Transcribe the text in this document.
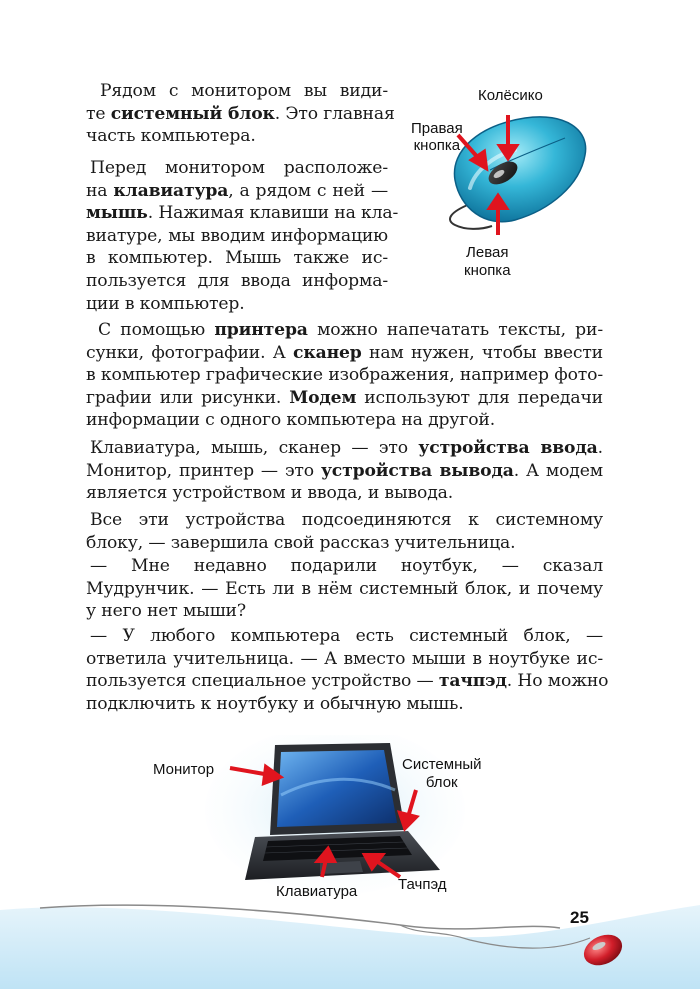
Рядом с монитором вы види-
те системный блок. Это главная
часть компьютера.
Перед монитором расположе-
на клавиатура, а рядом с ней —
мышь. Нажимая клавиши на кла-
виатуре, мы вводим информацию
в компьютер. Мышь также ис-
пользуется для ввода информа-
ции в компьютер.
С помощью принтера можно напечатать тексты, ри-
сунки, фотографии. А сканер нам нужен, чтобы ввести
в компьютер графические изображения, например фото-
графии или рисунки. Модем используют для передачи
информации с одного компьютера на другой.
Клавиатура, мышь, сканер — это устройства ввода.
Монитор, принтер — это устройства вывода. А модем
является устройством и ввода, и вывода.
Все эти устройства подсоединяются к системному
блоку, — завершила свой рассказ учительница.
— Мне недавно подарили ноутбук, — сказал
Мудрунчик. — Есть ли в нём системный блок, и почему
у него нет мыши?
— У любого компьютера есть системный блок, —
ответила учительница. — А вместо мыши в ноутбуке ис-
пользуется специальное устройство — тачпэд. Но можно
подключить к ноутбуку и обычную мышь.
Колёсико
Правая
кнопка
Левая
кнопка
Монитор	Системный
блок
Клавиатура	Тачпэд
25
